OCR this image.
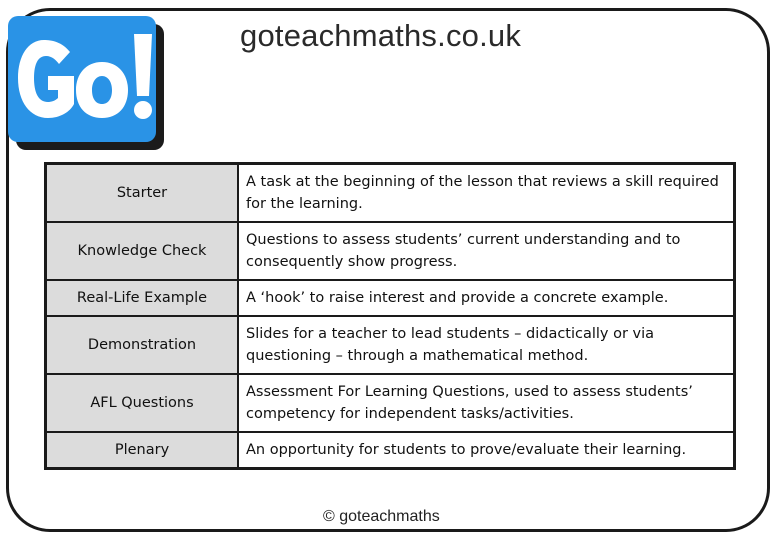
goteachmaths.co.uk
Starter	A task at the beginning of the lesson that reviews a skill required for the learning.
Knowledge Check	Questions to assess students’ current understanding and to consequently show progress.
Real-Life Example	A ‘hook’ to raise interest and provide a concrete example.
Demonstration	Slides for a teacher to lead students – didactically or via questioning – through a mathematical method.
AFL Questions	Assessment For Learning Questions, used to assess students’ competency for independent tasks/activities.
Plenary	An opportunity for students to prove/evaluate their learning.
© goteachmaths
